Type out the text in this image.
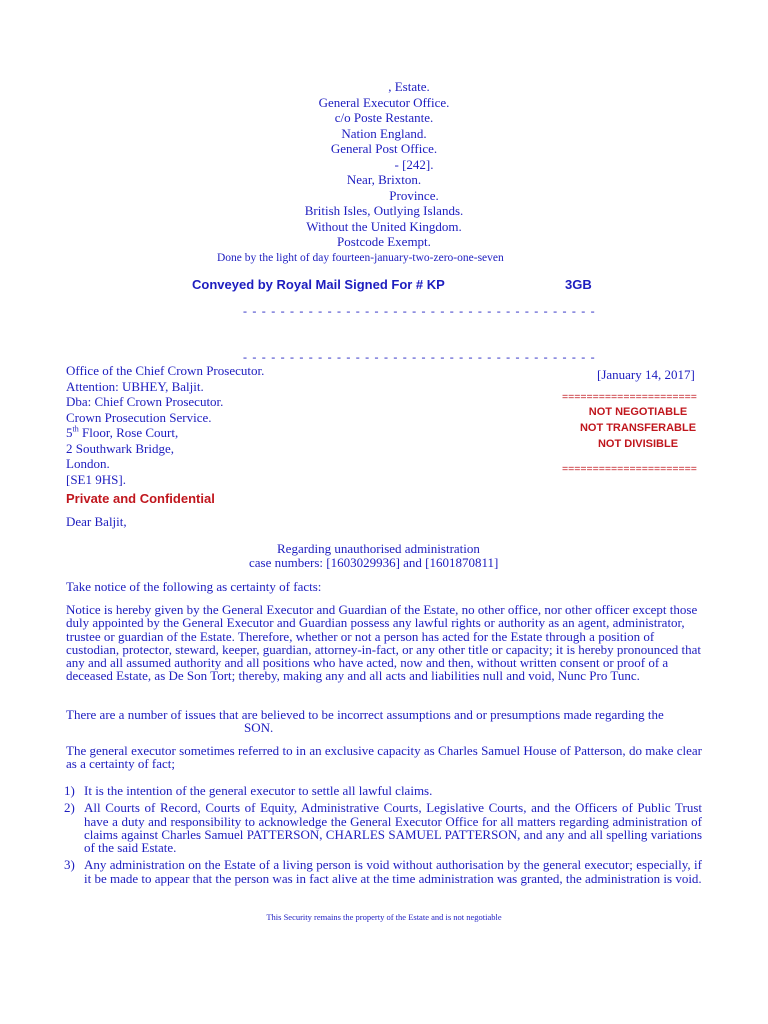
, Estate.
General Executor Office.
c/o Poste Restante.
Nation England.
General Post Office.
- [242].
Near, Brixton.
Province.
British Isles, Outlying Islands.
Without the United Kingdom.
Postcode Exempt.
Done by the light of day fourteen-january-two-zero-one-seven
Conveyed by Royal Mail Signed For # KP	3GB
- - - - - - - - - - - - - - - - - - - - - - - - - - - - - - - - - - - - - -
- - - - - - - - - - - - - - - - - - - - - - - - - - - - - - - - - - - - - -
Office of the Chief Crown Prosecutor.
Attention: UBHEY, Baljit.
Dba: Chief Crown Prosecutor.
Crown Prosecution Service.
5th Floor, Rose Court,
2 Southwark Bridge,
London.
[SE1 9HS].
[January 14, 2017]
======================
NOT NEGOTIABLE
NOT TRANSFERABLE
NOT DIVISIBLE
======================
Private and Confidential
Dear Baljit,
Regarding unauthorised administration
case numbers: [1603029936] and [1601870811]
Take notice of the following as certainty of facts:
Notice is hereby given by the General Executor and Guardian of the Estate, no other office, nor other officer except those duly appointed by the General Executor and Guardian possess any lawful rights or authority as an agent, administrator, trustee or guardian of the Estate. Therefore, whether or not a person has acted for the Estate through a position of custodian, protector, steward, keeper, guardian, attorney-in-fact, or any other title or capacity; it is hereby pronounced that any and all assumed authority and all positions who have acted, now and then, without written consent or proof of a deceased Estate, as De Son Tort; thereby, making any and all acts and liabilities null and void, Nunc Pro Tunc.
There are a number of issues that are believed to be incorrect assumptions and or presumptions made regarding the
SON.
The general executor sometimes referred to in an exclusive capacity as Charles Samuel House of Patterson, do make clear as a certainty of fact;
1) It is the intention of the general executor to settle all lawful claims.
2) All Courts of Record, Courts of Equity, Administrative Courts, Legislative Courts, and the Officers of Public Trust have a duty and responsibility to acknowledge the General Executor Office for all matters regarding administration of claims against Charles Samuel PATTERSON, CHARLES SAMUEL PATTERSON, and any and all spelling variations of the said Estate.
3) Any administration on the Estate of a living person is void without authorisation by the general executor; especially, if it be made to appear that the person was in fact alive at the time administration was granted, the administration is void.
This Security remains the property of the Estate and is not negotiable
